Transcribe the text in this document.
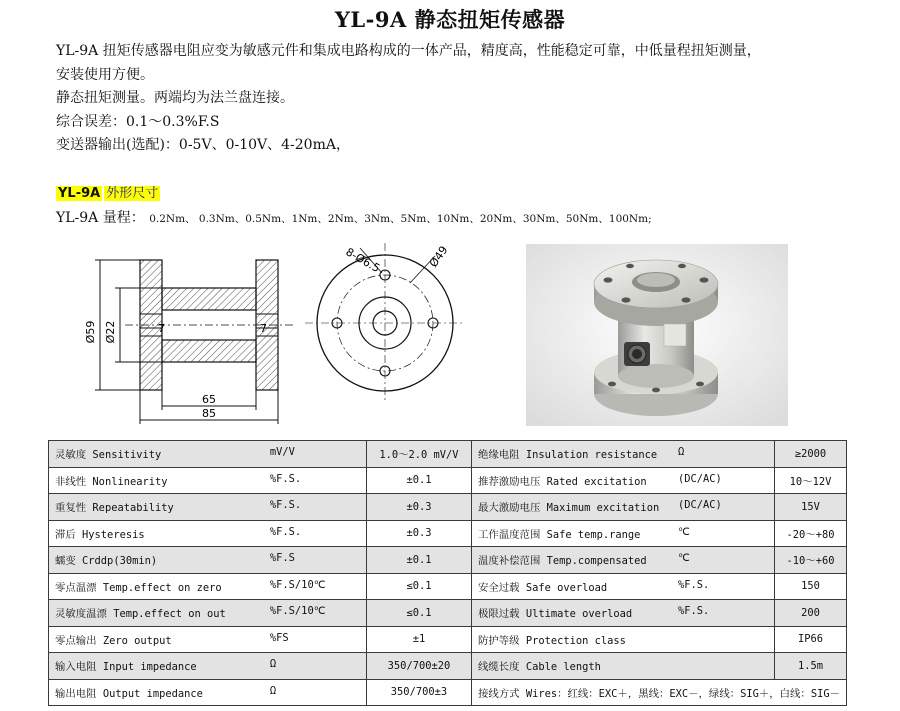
YL-9A 静态扭矩传感器

YL-9A 扭矩传感器电阻应变为敏感元件和集成电路构成的一体产品，精度高，性能稳定可靠，中低量程扭矩测量，

安装使用方便。

静态扭矩测量。两端均为法兰盘连接。

综合误差：0.1～0.3%F.S

变送器输出(选配)：0-5V、0-10V、4-20mA，

YL-9A 外形尺寸
YL-9A 量程： 0.2Nm、 0.3Nm、0.5Nm、1Nm、2Nm、3Nm、5Nm、10Nm、20Nm、30Nm、50Nm、100Nm;
Ø59 Ø22	7	7
65
85
8-Ø6.5	Ø49
灵敏度 Sensitivity mV/V	1.0～2.0 mV/V	绝缘电阻 Insulation resistance Ω	≥2000

非线性 Nonlinearity %F.S.	±0.1	推荐激励电压 Rated excitation (DC/AC)	10～12V

重复性 Repeatability %F.S.	±0.3	最大激励电压 Maximum excitation (DC/AC)	15V

滞后 Hysteresis %F.S.	±0.3	工作温度范围 Safe temp.range ℃	-20～+80

蠕变 Crddp(30min) %F.S	±0.1	温度补偿范围 Temp.compensated ℃	-10～+60

零点温漂 Temp.effect on zero %F.S/10℃	≤0.1	安全过载 Safe overload %F.S.	150

灵敏度温漂 Temp.effect on out %F.S/10℃	≤0.1	极限过载 Ultimate overload %F.S.	200

零点输出 Zero output %FS	±1	防护等级 Protection class	IP66

输入电阻 Input impedance Ω	350/700±20	线缆长度 Cable length	1.5m

输出电阻 Output impedance Ω	350/700±3	接线方式 Wires：红线：EXC＋，黑线：EXC－，绿线：SIG＋，白线：SIG－	
